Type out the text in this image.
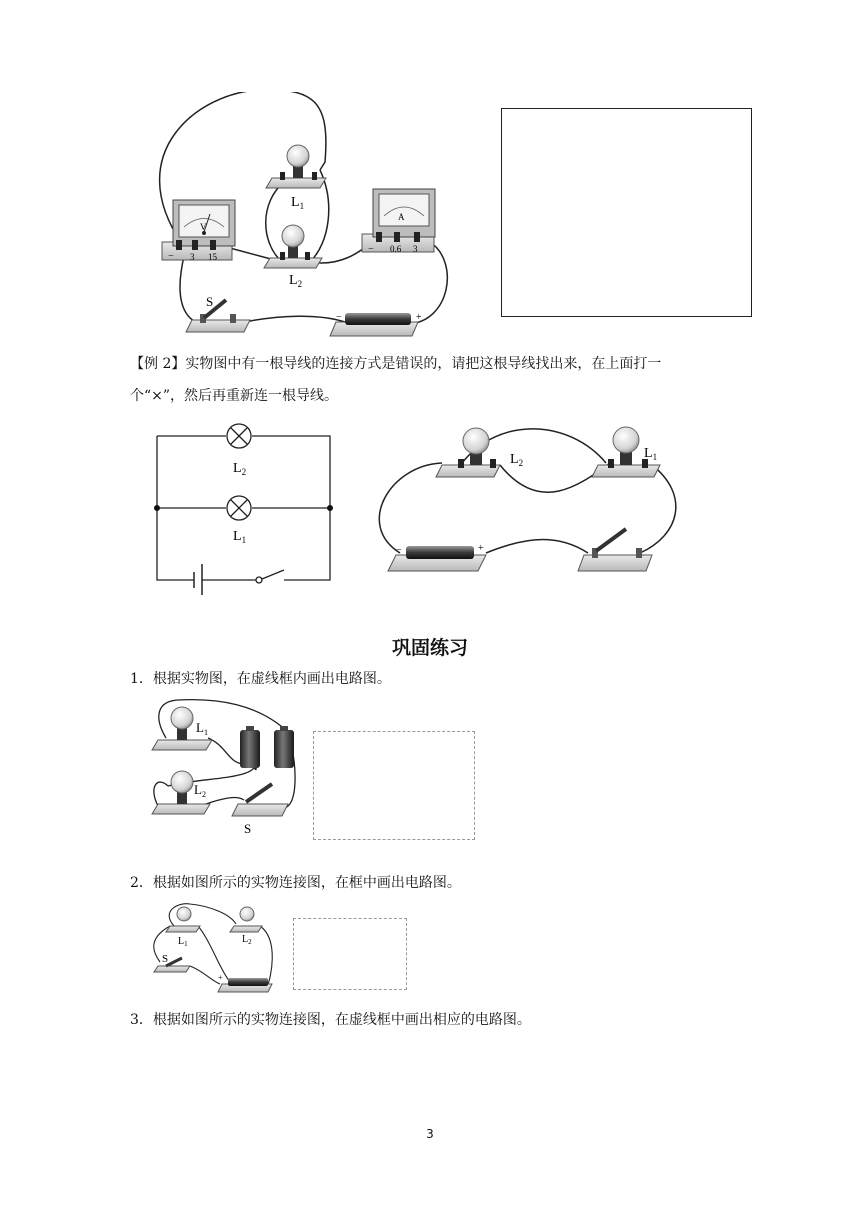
V
− 3 15
$L_1$
$L_2$
A
− 0.6 3
S
−	+
【例 2】实物图中有一根导线的连接方式是错误的，请把这根导线找出来，在上面打一
个“×”，然后再重新连一根导线。
$L_2$
$L_1$
$L_2$
$L_1$
−	+
巩固练习
1．根据实物图，在虚线框内画出电路图。
$L_1$
$L_2$
S
2．根据如图所示的实物连接图，在框中画出电路图。
$L_1$	$L_2$
S
+
3．根据如图所示的实物连接图，在虚线框中画出相应的电路图。
3
